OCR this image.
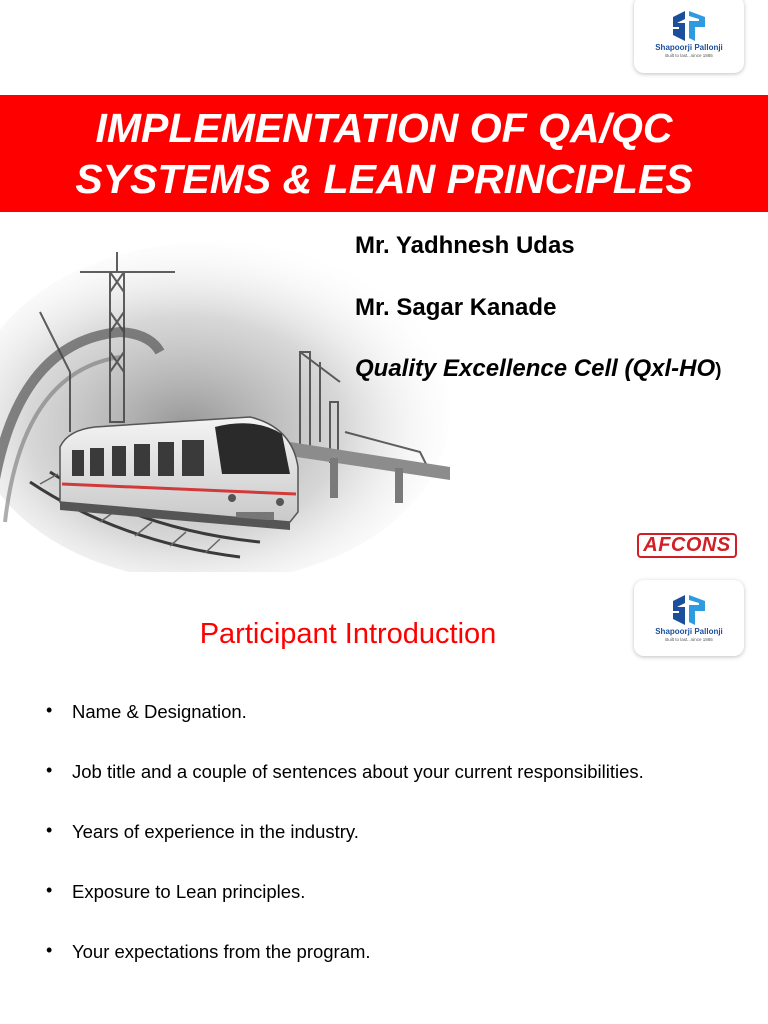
Shapoorji Pallonji
Built to last...since 1865
IMPLEMENTATION OF QA/QC
SYSTEMS & LEAN PRINCIPLES
Mr. Yadhnesh Udas
Mr. Sagar Kanade
Quality Excellence Cell (Qxl-HO)
AFCONS
Shapoorji Pallonji
Built to last...since 1865
Participant Introduction
• Name & Designation.
• Job title and a couple of sentences about your current responsibilities.
• Years of experience in the industry.
• Exposure to Lean principles.
• Your expectations from the program.
